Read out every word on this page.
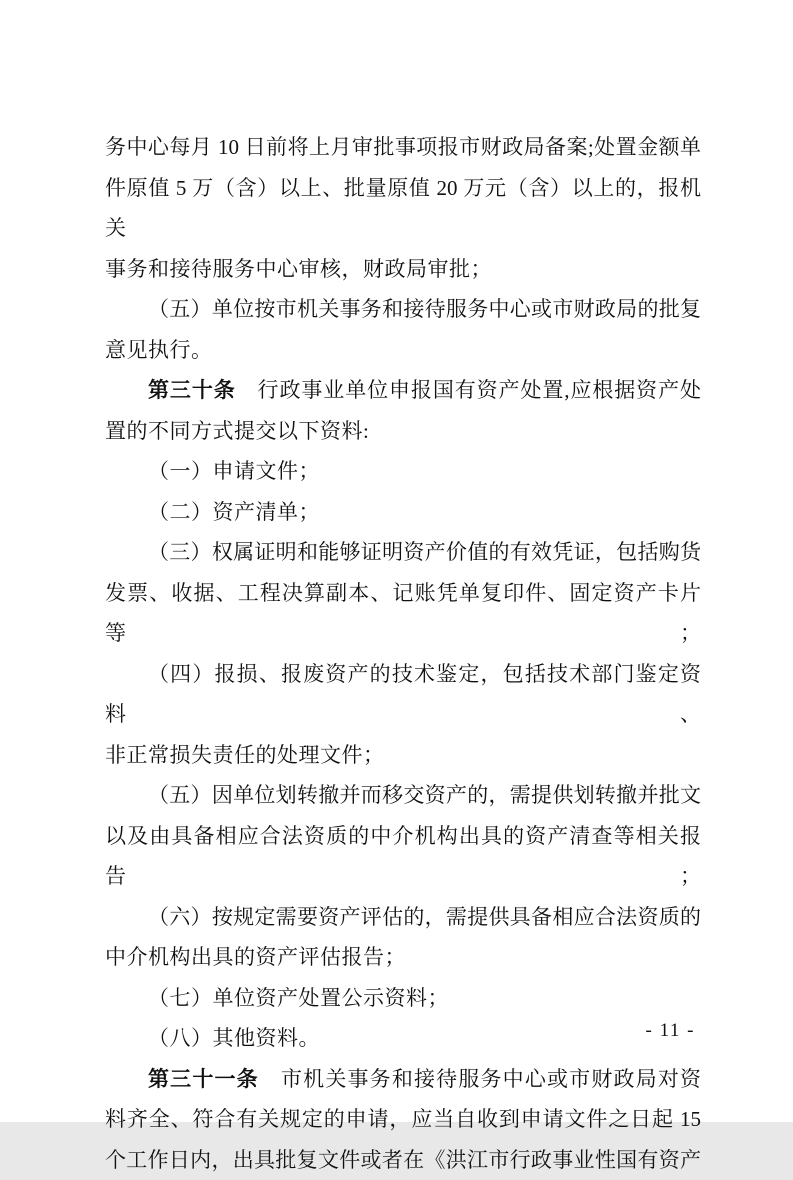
务中心每月 10 日前将上月审批事项报市财政局备案;处置金额单
件原值 5 万（含）以上、批量原值 20 万元（含）以上的，报机关
事务和接待服务中心审核，财政局审批；
（五）单位按市机关事务和接待服务中心或市财政局的批复
意见执行。
第三十条　行政事业单位申报国有资产处置,应根据资产处
置的不同方式提交以下资料:
（一）申请文件；
（二）资产清单；
（三）权属证明和能够证明资产价值的有效凭证，包括购货
发票、收据、工程决算副本、记账凭单复印件、固定资产卡片等；
（四）报损、报废资产的技术鉴定，包括技术部门鉴定资料、
非正常损失责任的处理文件；
（五）因单位划转撤并而移交资产的，需提供划转撤并批文
以及由具备相应合法资质的中介机构出具的资产清查等相关报告；
（六）按规定需要资产评估的，需提供具备相应合法资质的
中介机构出具的资产评估报告；
（七）单位资产处置公示资料；
（八）其他资料。
第三十一条　市机关事务和接待服务中心或市财政局对资
料齐全、符合有关规定的申请，应当自收到申请文件之日起 15
个工作日内，出具批复文件或者在《洪江市行政事业性国有资产
- 11 -
